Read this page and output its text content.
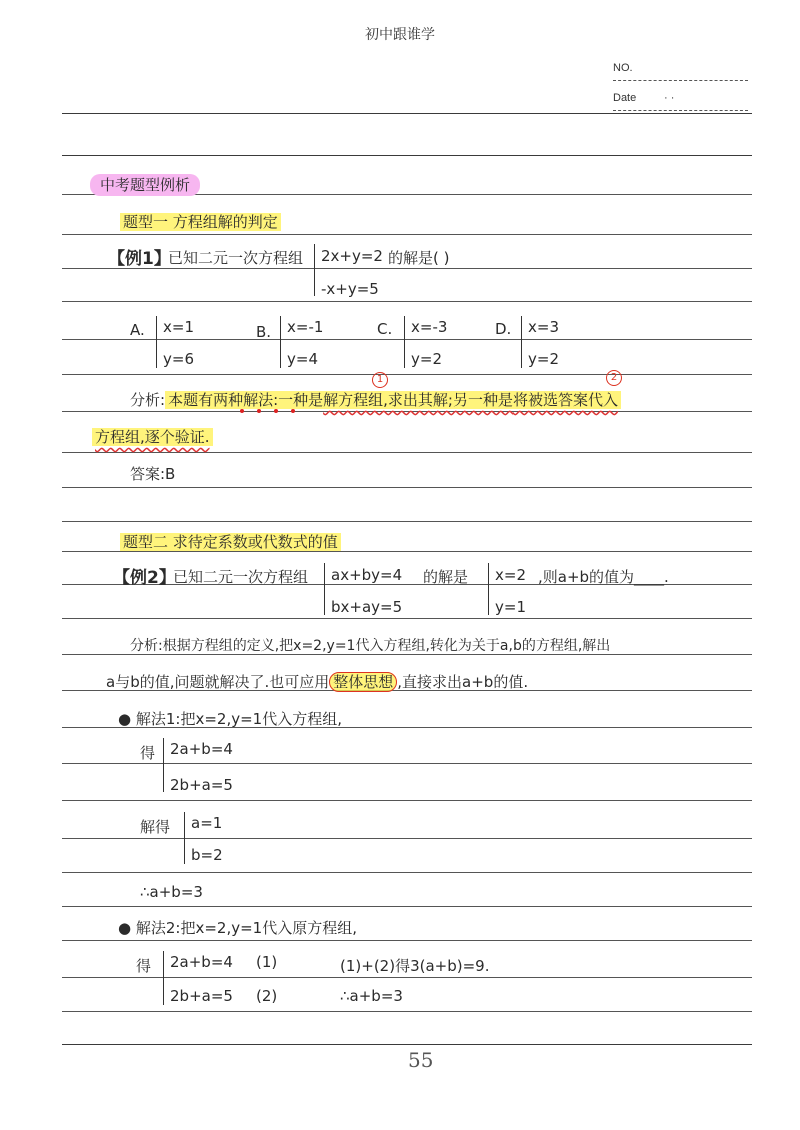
初中跟谁学
NO.
Date	· ·
中考题型例析
题型一 方程组解的判定
【例1】
已知二元一次方程组 2x+y=2
-x+y=5
的解是( )
A. x=1
y=6
B. x=-1
y=4
C. x=-3
y=2
D. x=3
y=2
1	2
分析: 本题有两种解法:一种是解方程组,求出其解;另一种是将被选答案代入
方程组,逐个验证.
答案:B
题型二 求待定系数或代数式的值
【例2】
已知二元一次方程组 ax+by=4
bx+ay=5
的解是 x=2
y=1
,则a+b的值为____.
分析:根据方程组的定义,把x=2,y=1代入方程组,转化为关于a,b的方程组,解出
a与b的值,问题就解决了.也可应用 整体思想 ,直接求出a+b的值.
● 解法1:把x=2,y=1代入方程组,
得 2a+b=4
2b+a=5
解得 a=1
b=2
∴a+b=3
● 解法2:把x=2,y=1代入原方程组,
得 2a+b=4 (1)
2b+a=5 (2)
(1)+(2)得3(a+b)=9.
∴a+b=3
55
